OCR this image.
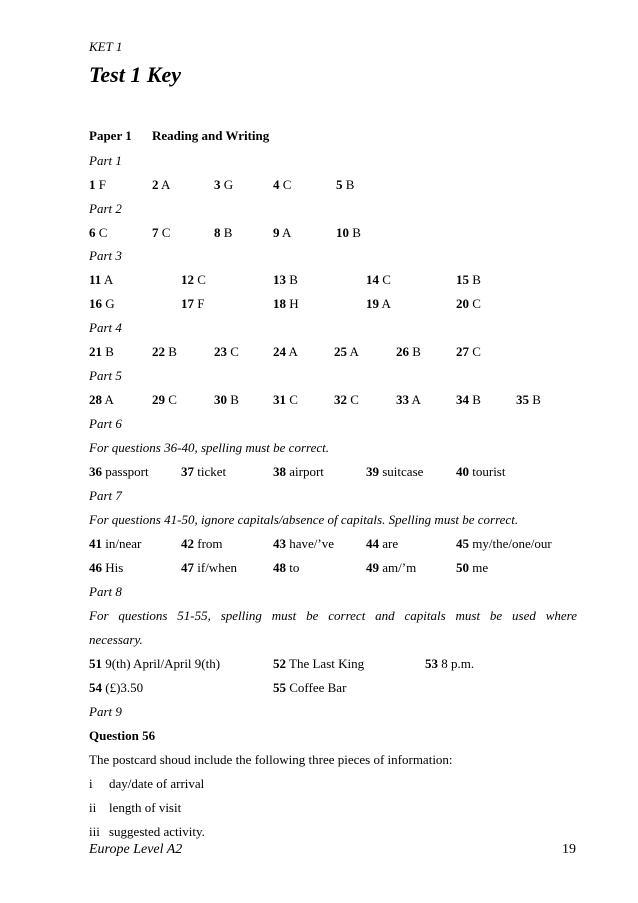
KET 1
Test 1 Key
Paper 1 Reading and Writing
Part 1
1 F	2 A	3 G	4 C	5 B
Part 2
6 C	7 C	8 B	9 A	10 B
Part 3
11 A	12 C	13 B	14 C	15 B
16 G	17 F	18 H	19 A	20 C
Part 4
21 B	22 B	23 C	24 A	25 A	26 B	27 C
Part 5
28 A	29 C	30 B	31 C	32 C	33 A	34 B	35 B
Part 6
For questions 36-40, spelling must be correct.
36 passport 37 ticket	38 airport	39 suitcase	40 tourist
Part 7
For questions 41-50, ignore capitals/absence of capitals. Spelling must be correct.
41 in/near	42 from	43 have/’ve 44 are	45 my/the/one/our
46 His	47 if/when	48 to	49 am/’m	50 me
Part 8
For questions 51-55, spelling must be correct and capitals must be used where
necessary.
51 9(th) April/April 9(th)	52 The Last King	53 8 p.m.
54 (£)3.50	55 Coffee Bar
Part 9
Question 56
The postcard shoud include the following three pieces of information:
i day/date of arrival
ii length of visit
iii suggested activity.
Europe Level A2	19
